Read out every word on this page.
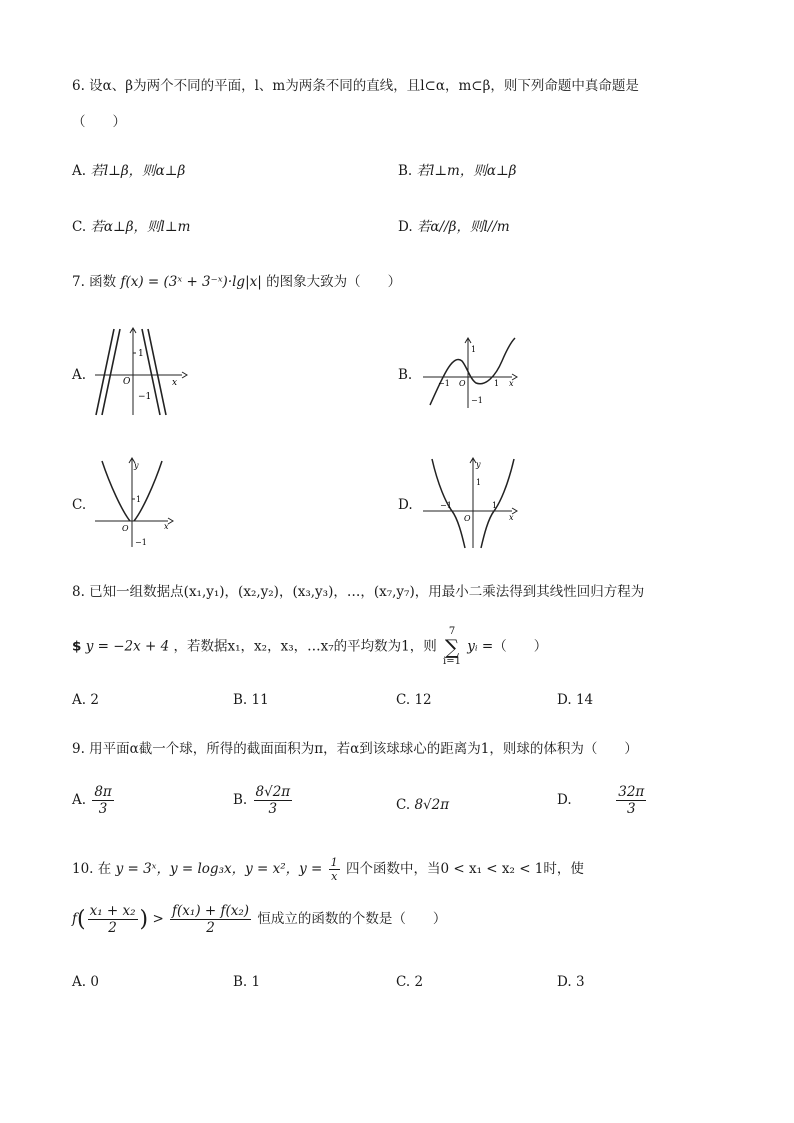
6. 设α、β为两个不同的平面，l、m为两条不同的直线，且l⊂α，m⊂β，则下列命题中真命题是
（　　）
A. 若l⊥β，则α⊥β	B. 若l⊥m，则α⊥β
C. 若α⊥β，则l⊥m	D. 若α//β，则l//m
7. 函数 f(x) = (3ˣ + 3⁻ˣ)·lg|x| 的图象大致为（　　）
A.
1
−1
O	x	B.
1
−1
−1	1
O	x
C.
y
1
−1
O	x
D.
y
1
−1	1
O	x
8. 已知一组数据点(x₁,y₁)，(x₂,y₂)，(x₃,y₃)，…，(x₇,y₇)，用最小二乘法得到其线性回归方程为
$ y = −2x + 4 ，若数据x₁，x₂，x₃，…x₇的平均数为1，则 7
∑
i=1 yᵢ =（　　）
A. 2	B. 11	C. 12	D. 14
9. 用平面α截一个球，所得的截面面积为π，若α到该球球心的距离为1，则球的体积为（　　）
A. $\frac{8\pi}{3}$	B. $\frac{8√2\pi}{3}$	C. 8√2π	D.	$\frac{32\pi}{3}$
10. 在 y = 3ˣ，y = log₃x，y = x²，$y = \frac{1}{x}$ 四个函数中，当0 < x₁ < x₂ < 1时，使
$f( \frac{\text{x₁ + x₂}}{2}$ ) > $\frac{\text{f(x₁) + f(x₂)}}{2}$ 恒成立的函数的个数是（　　）
A. 0	B. 1	C. 2	D. 3
